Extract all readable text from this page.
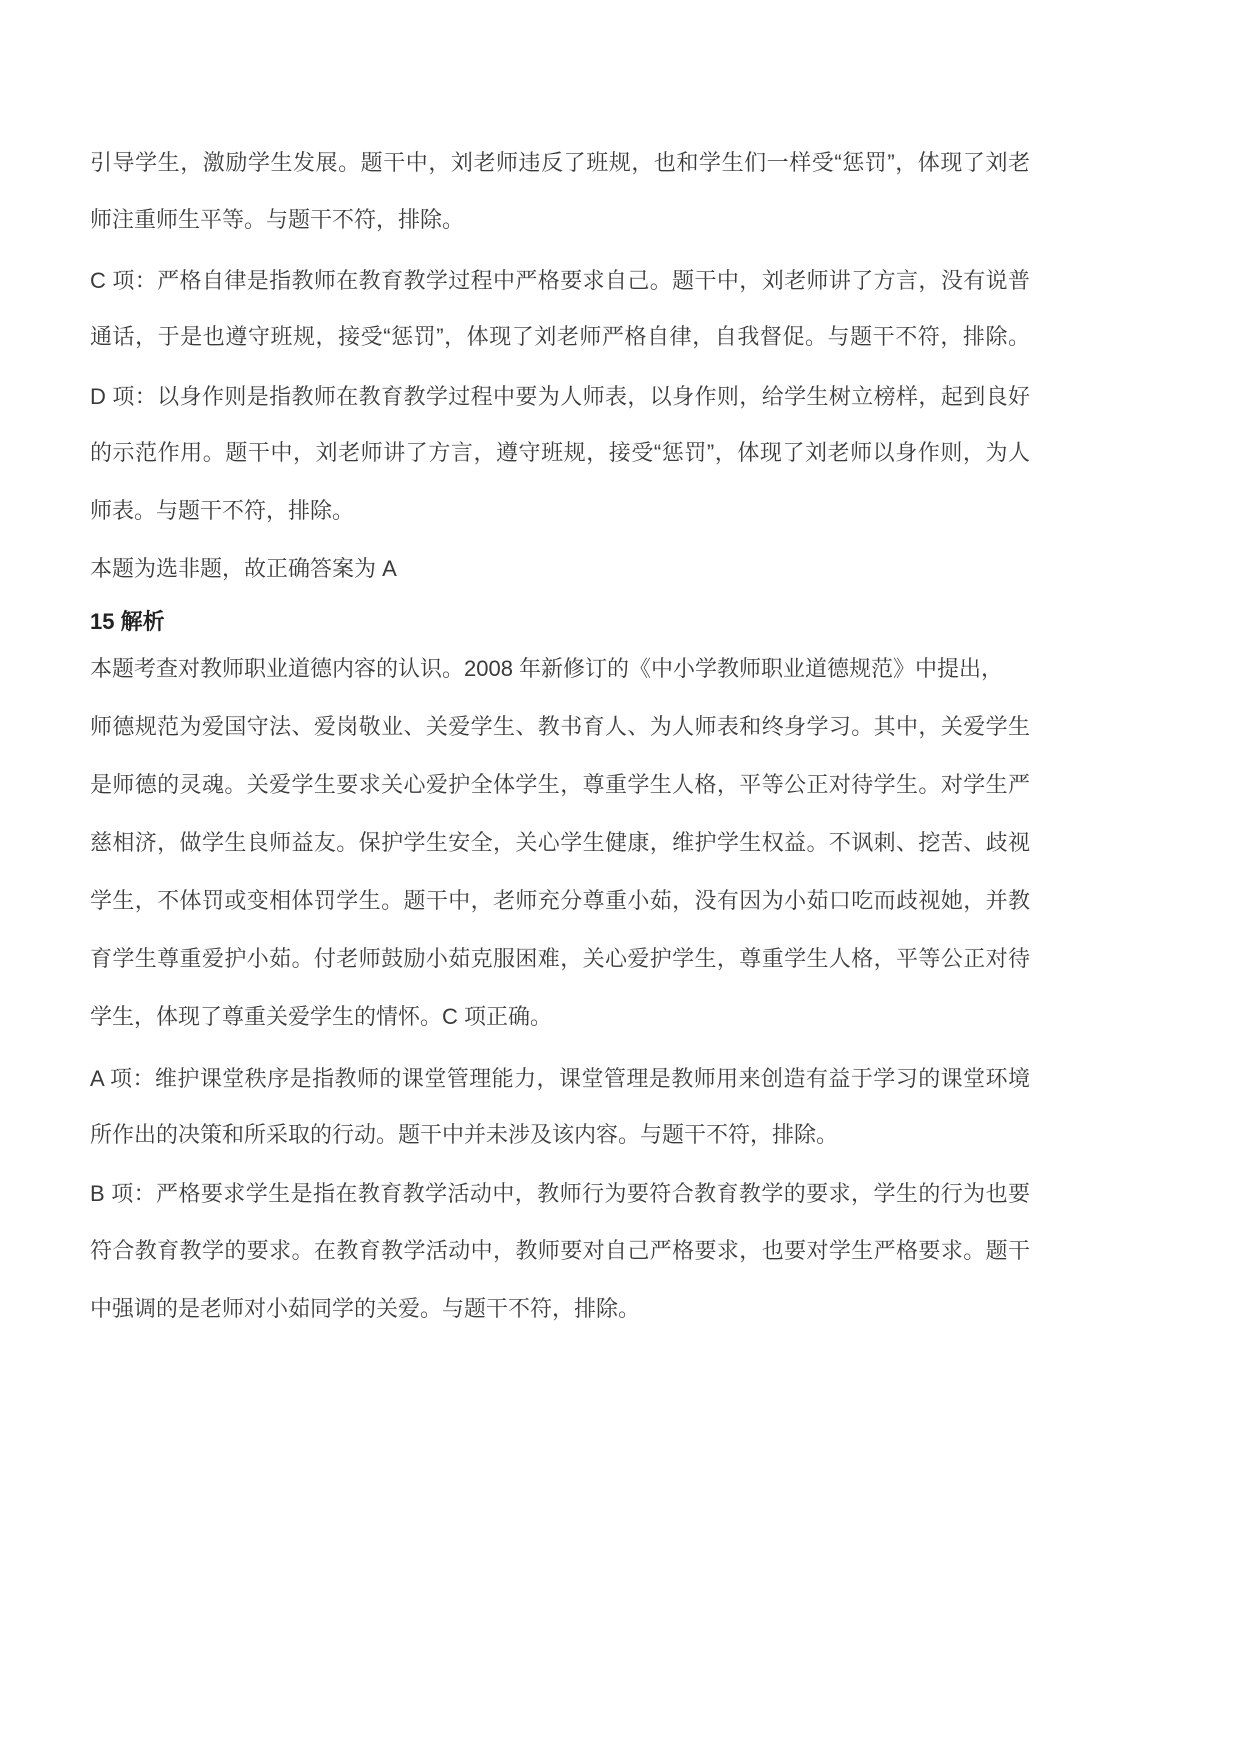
引导学生，激励学生发展。题干中，刘老师违反了班规，也和学生们一样受“惩罚”，体现了刘老
师注重师生平等。与题干不符，排除。
C 项：严格自律是指教师在教育教学过程中严格要求自己。题干中，刘老师讲了方言，没有说普
通话，于是也遵守班规，接受“惩罚”，体现了刘老师严格自律，自我督促。与题干不符，排除。
D 项：以身作则是指教师在教育教学过程中要为人师表，以身作则，给学生树立榜样，起到良好
的示范作用。题干中，刘老师讲了方言，遵守班规，接受“惩罚”，体现了刘老师以身作则，为人
师表。与题干不符，排除。
本题为选非题，故正确答案为 A
15 解析
本题考查对教师职业道德内容的认识。2008 年新修订的《中小学教师职业道德规范》中提出，
师德规范为爱国守法、爱岗敬业、关爱学生、教书育人、为人师表和终身学习。其中，关爱学生
是师德的灵魂。关爱学生要求关心爱护全体学生，尊重学生人格，平等公正对待学生。对学生严
慈相济，做学生良师益友。保护学生安全，关心学生健康，维护学生权益。不讽刺、挖苦、歧视
学生，不体罚或变相体罚学生。题干中，老师充分尊重小茹，没有因为小茹口吃而歧视她，并教
育学生尊重爱护小茹。付老师鼓励小茹克服困难，关心爱护学生，尊重学生人格，平等公正对待
学生，体现了尊重关爱学生的情怀。C 项正确。
A 项：维护课堂秩序是指教师的课堂管理能力，课堂管理是教师用来创造有益于学习的课堂环境
所作出的决策和所采取的行动。题干中并未涉及该内容。与题干不符，排除。
B 项：严格要求学生是指在教育教学活动中，教师行为要符合教育教学的要求，学生的行为也要
符合教育教学的要求。在教育教学活动中，教师要对自己严格要求，也要对学生严格要求。题干
中强调的是老师对小茹同学的关爱。与题干不符，排除。
